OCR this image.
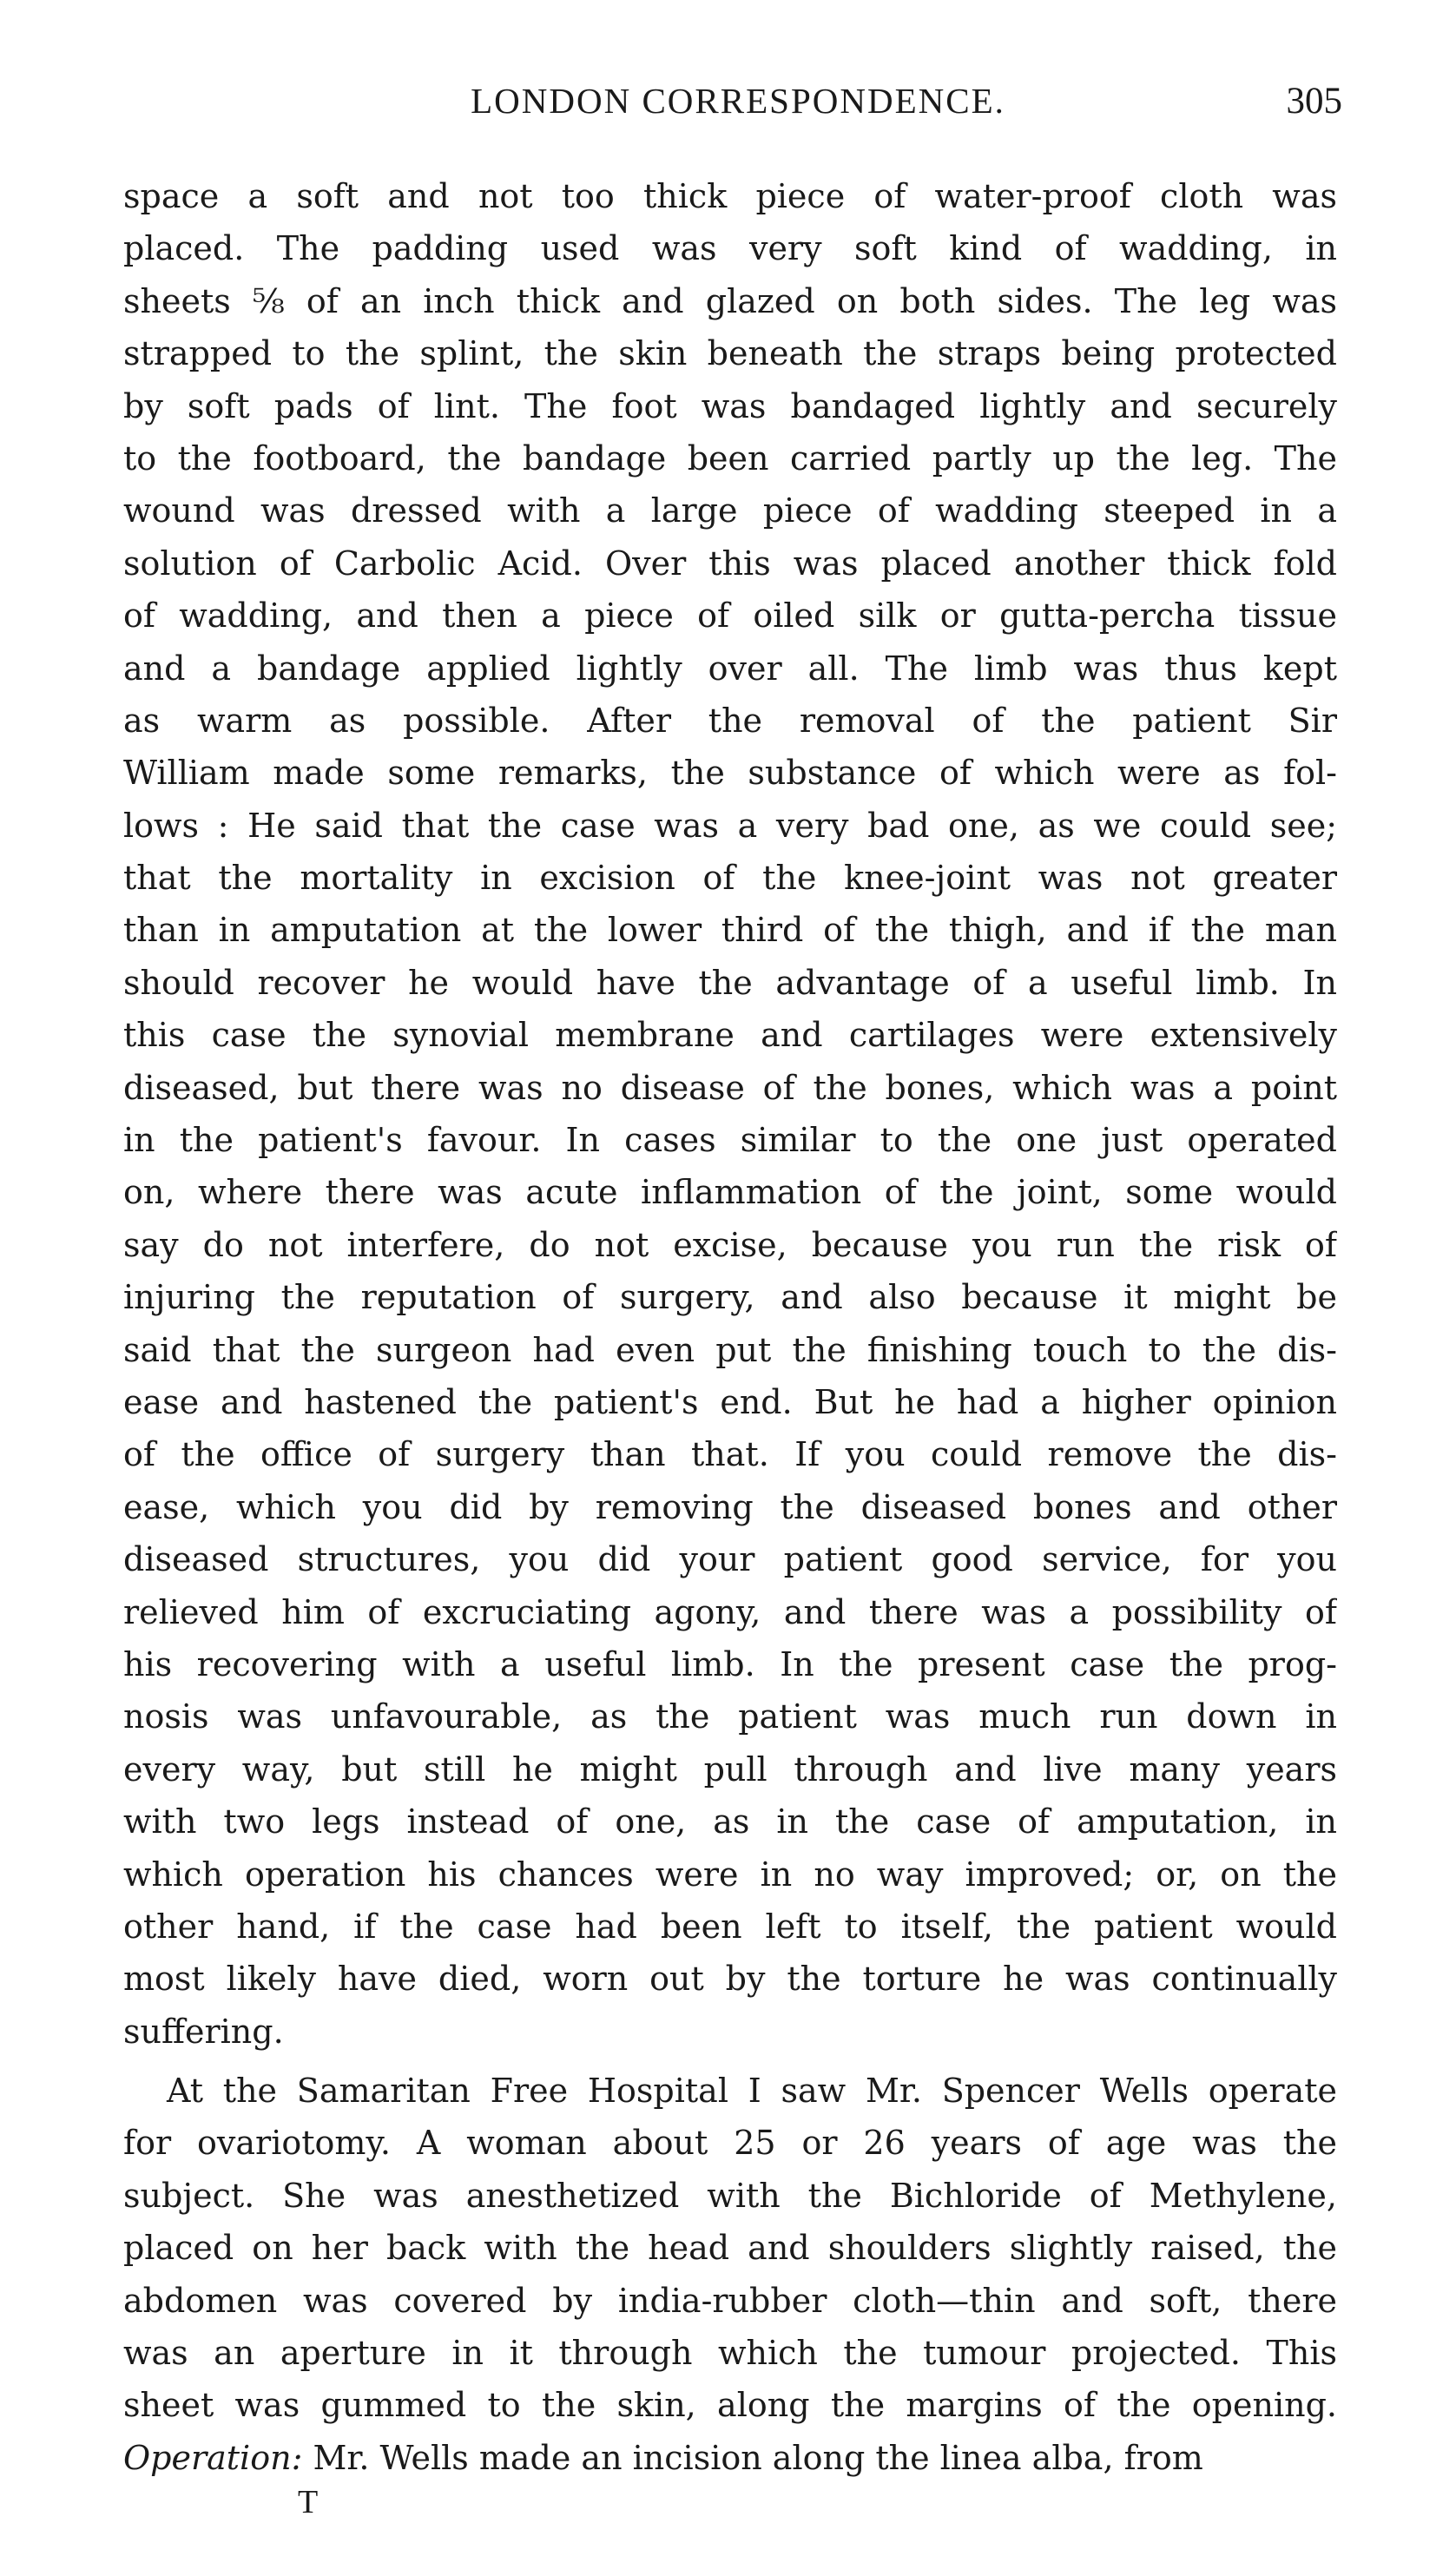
LONDON CORRESPONDENCE.	305
space a soft and not too thick piece of water-proof cloth was
placed. The padding used was very soft kind of wadding, in
sheets ⅝ of an inch thick and glazed on both sides. The leg was
strapped to the splint, the skin beneath the straps being protected
by soft pads of lint. The foot was bandaged lightly and securely
to the footboard, the bandage been carried partly up the leg. The
wound was dressed with a large piece of wadding steeped in a
solution of Carbolic Acid. Over this was placed another thick fold
of wadding, and then a piece of oiled silk or gutta-percha tissue
and a bandage applied lightly over all. The limb was thus kept
as warm as possible. After the removal of the patient Sir
William made some remarks, the substance of which were as fol-
lows : He said that the case was a very bad one, as we could see;
that the mortality in excision of the knee-joint was not greater
than in amputation at the lower third of the thigh, and if the man
should recover he would have the advantage of a useful limb. In
this case the synovial membrane and cartilages were extensively
diseased, but there was no disease of the bones, which was a point
in the patient's favour. In cases similar to the one just operated
on, where there was acute inflammation of the joint, some would
say do not interfere, do not excise, because you run the risk of
injuring the reputation of surgery, and also because it might be
said that the surgeon had even put the finishing touch to the dis-
ease and hastened the patient's end. But he had a higher opinion
of the office of surgery than that. If you could remove the dis-
ease, which you did by removing the diseased bones and other
diseased structures, you did your patient good service, for you
relieved him of excruciating agony, and there was a possibility of
his recovering with a useful limb. In the present case the prog-
nosis was unfavourable, as the patient was much run down in
every way, but still he might pull through and live many years
with two legs instead of one, as in the case of amputation, in
which operation his chances were in no way improved; or, on the
other hand, if the case had been left to itself, the patient would
most likely have died, worn out by the torture he was continually
suffering.
At the Samaritan Free Hospital I saw Mr. Spencer Wells operate
for ovariotomy. A woman about 25 or 26 years of age was the
subject. She was anesthetized with the Bichloride of Methylene,
placed on her back with the head and shoulders slightly raised, the
abdomen was covered by india-rubber cloth—thin and soft, there
was an aperture in it through which the tumour projected. This
sheet was gummed to the skin, along the margins of the opening.
Operation: Mr. Wells made an incision along the linea alba, from
T
